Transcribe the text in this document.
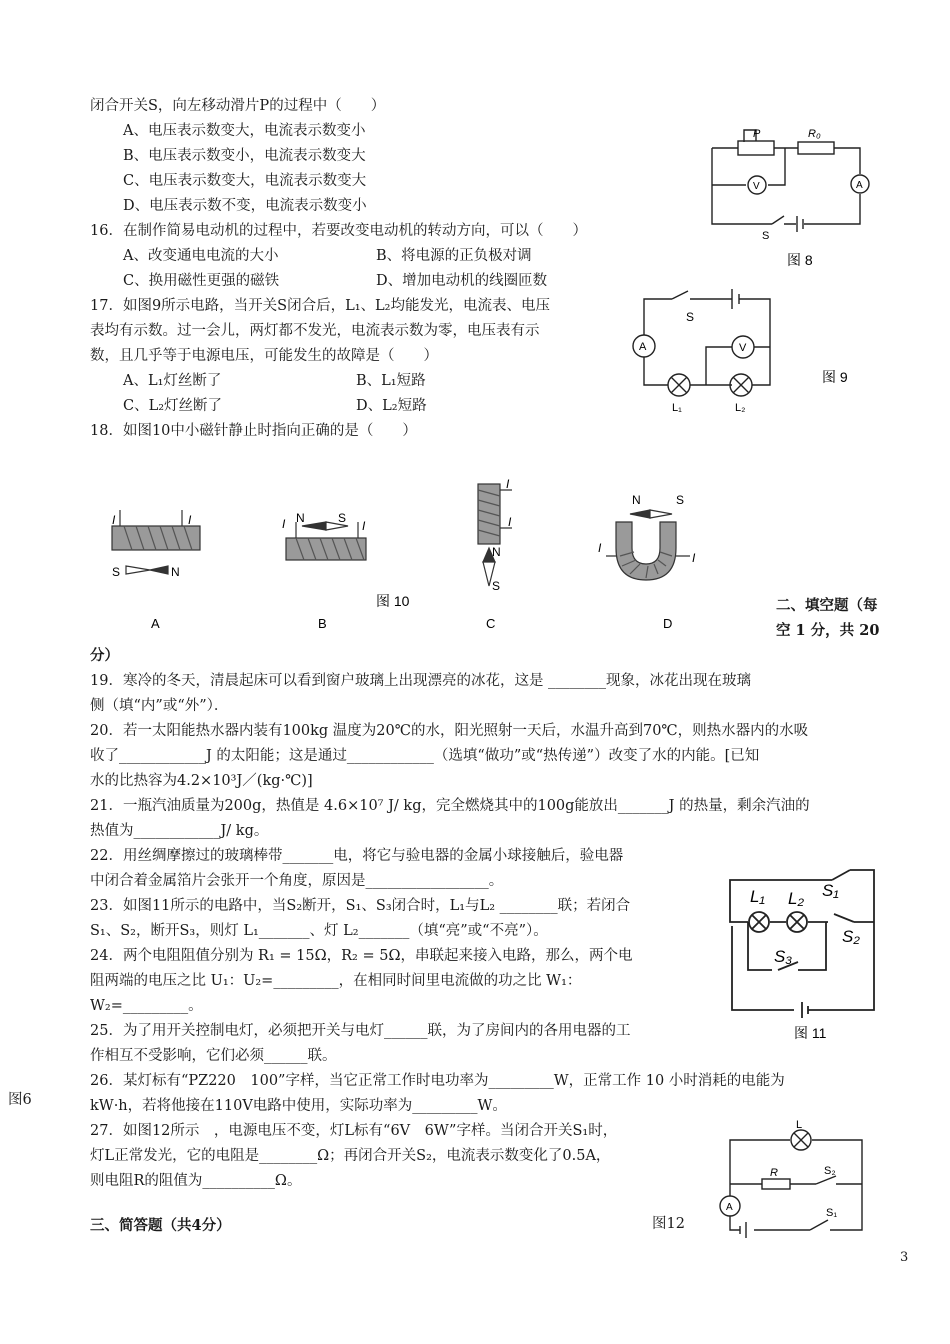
闭合开关S，向左移动滑片P的过程中（　　）
A、电压表示数变大，电流表示数变小
B、电压表示数变小，电流表示数变大
C、电压表示数变大，电流表示数变大
D、电压表示数不变，电流表示数变小
P	R₀
V	A
S
图 8
16．在制作简易电动机的过程中，若要改变电动机的转动方向，可以（　　）
A、改变通电电流的大小	B、将电源的正负极对调
C、换用磁性更强的磁铁	D、增加电动机的线圈匝数
17．如图9所示电路，当开关S闭合后，L₁、L₂均能发光，电流表、电压
表均有示数。过一会儿，两灯都不发光，电流表示数为零，电压表有示
数，且几乎等于电源电压，可能发生的故障是（　　）
A、L₁灯丝断了	B、L₁短路
C、L₂灯丝断了	D、L₂短路
S
A	V
L₁	L₂
图 9
18．如图10中小磁针静止时指向正确的是（　　）
I	I
S	N
I	I
N	S
I
I
N
S
N	S
I
I
图 10
A	B	C	D
二、填空题（每
空 1 分，共 20
分）
19．寒冷的冬天，清晨起床可以看到窗户玻璃上出现漂亮的冰花，这是 ________现象，冰花出现在玻璃
侧（填“内”或“外”）．
20．若一太阳能热水器内装有100kg 温度为20℃的水，阳光照射一天后，水温升高到70℃，则热水器内的水吸
收了____________J 的太阳能；这是通过____________（选填“做功”或“热传递”）改变了水的内能。[已知
水的比热容为4.2×10³J／(kg·℃)]
21．一瓶汽油质量为200g，热值是 4.6×10⁷ J/ kg，完全燃烧其中的100g能放出_______J 的热量，剩余汽油的
热值为____________J/ kg。
22．用丝绸摩擦过的玻璃棒带_______电，将它与验电器的金属小球接触后，验电器
中闭合着金属箔片会张开一个角度，原因是_________________。
23．如图11所示的电路中，当S₂断开，S₁、S₃闭合时，L₁与L₂ ________联；若闭合
S₁、S₂，断开S₃，则灯 L₁_______、灯 L₂_______（填“亮”或“不亮”）。
24．两个电阻阻值分别为 R₁ = 15Ω，R₂ = 5Ω，串联起来接入电路，那么，两个电
阻两端的电压之比 U₁：U₂=_________，在相同时间里电流做的功之比 W₁：
W₂=_________。
L₁ L₂ S₁
S₂
S₃
图 11
25．为了用开关控制电灯，必须把开关与电灯______联，为了房间内的各用电器的工
作相互不受影响，它们必须______联。
图6
26．某灯标有“PZ220　100”字样，当它正常工作时电功率为_________W，正常工作 10 小时消耗的电能为
kW·h，若将他接在110V电路中使用，实际功率为_________W。
27．如图12所示　，电源电压不变，灯L标有“6V　6W”字样。当闭合开关S₁时，
灯L正常发光，它的电阻是________Ω；再闭合开关S₂，电流表示数变化了0.5A，
则电阻R的阻值为__________Ω。
L
R	S₂
A	S₁
图12
三、简答题（共4分）
3
